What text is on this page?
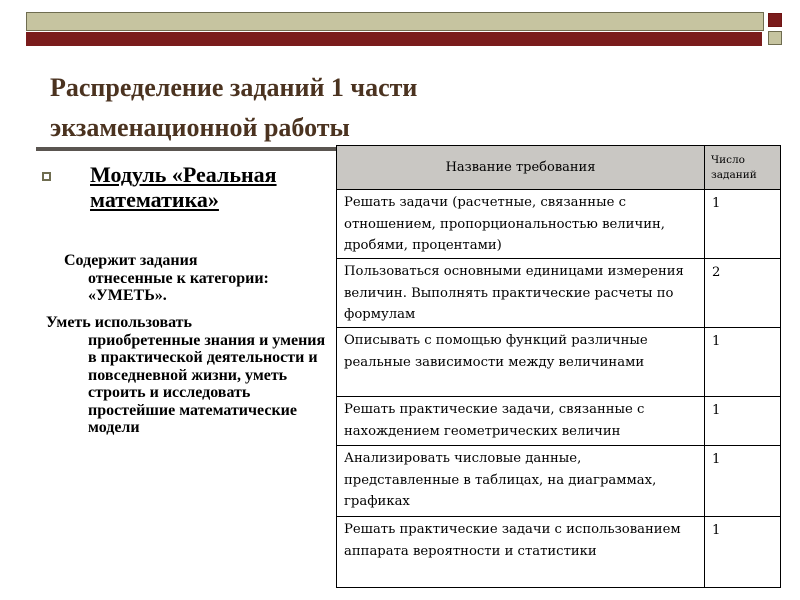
Распределение заданий 1 части экзаменационной работы
Модуль «Реальная математика»

Содержит задания
отнесенные к категории:
«УМЕТЬ».

Уметь использовать
приобретенные знания и умения в практической деятельности и повседневной жизни, уметь строить и исследовать простейшие математические модели

Название требования	Число заданий
Решать задачи (расчетные, связанные с отношением, пропорциональностью величин, дробями, процентами)	1
Пользоваться основными единицами измерения величин. Выполнять практические расчеты по формулам	2
Описывать с помощью функций различные реальные зависимости между величинами	1
Решать практические задачи, связанные с нахождением геометрических величин	1
Анализировать числовые данные, представленные в таблицах, на диаграммах, графиках	1
Решать практические задачи с использованием аппарата вероятности и статистики	1
